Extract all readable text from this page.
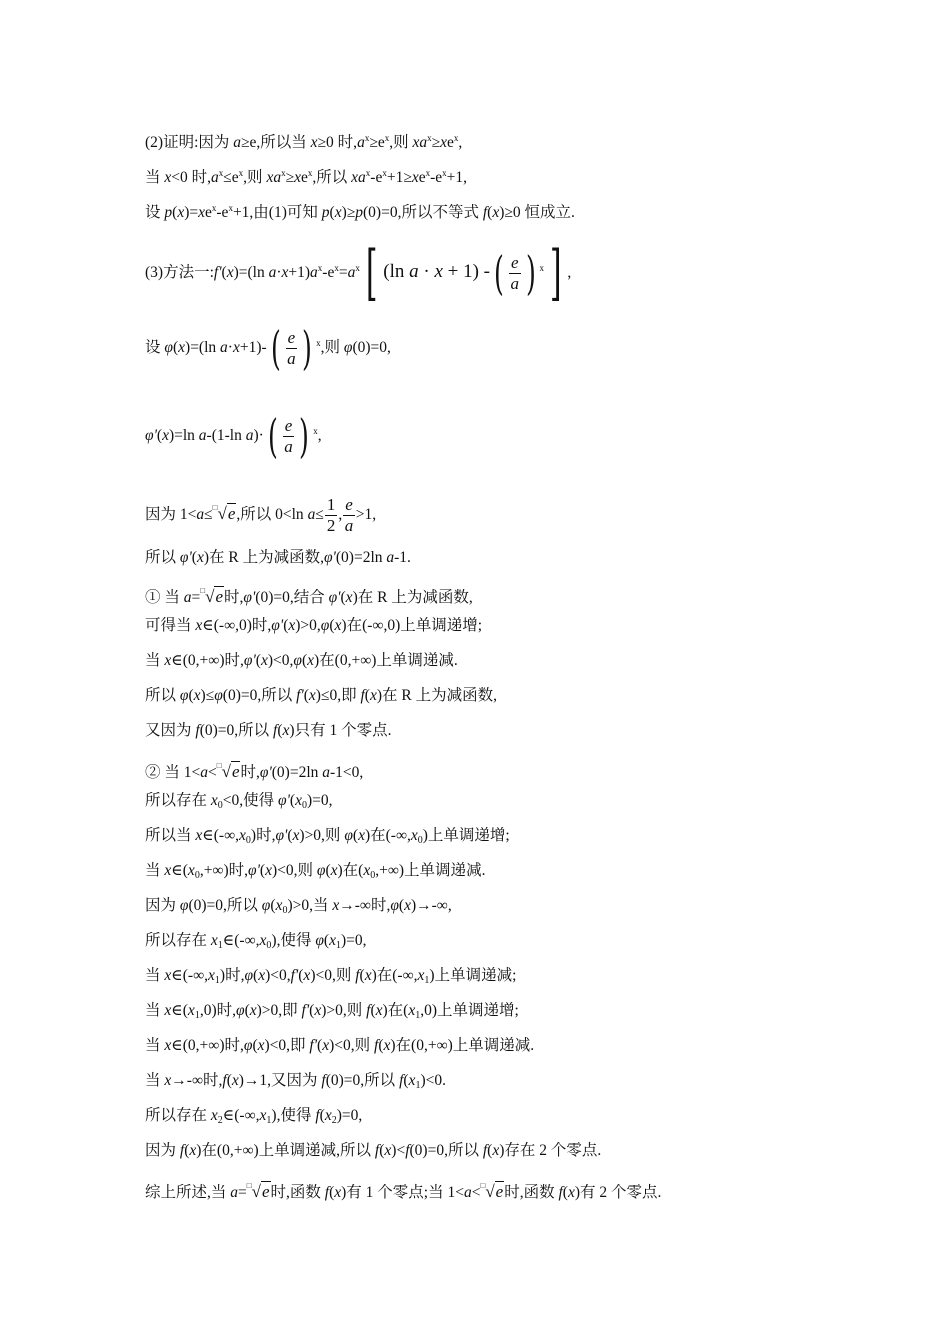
(2)证明:因为 a≥e,所以当 x≥0 时$,a^x\ge e^x$,则 $xa^x\ge xe^x$,
当 x<0 时$,a^x\le e^x$,则 $xa^x\ge xe^x$,所以 $xa^x-e^x+1\ge xe^x-e^x+1$,
设 $p(x)=xe^x-e^x+1$,由(1)可知 p(x)≥p(0)=0,所以不等式 f(x)≥0 恒成立.
(3)方法一:f'(x)=(ln $a\cdot x+1)a^x-e^x=a^x$[ (ln a · x + 1) -( $\frac{e}{a}$ ) $^x$] ,
设 φ(x)=(ln $a\cdot x+1)-( \frac{e}{a}$ ) $^x$,则 φ(0)=0,
φ'(x)=ln a-(1-ln $a)\cdot( \frac{e}{a}$ ) $^x$,
因为 1<a≤□√e,所以 0<ln $a\le \frac{1}{2}$ , $\frac{e}{a} >1$,
所以 φ'(x)在 R 上为减函数,φ'(0)=2ln a-1.
① 当 a=□√e时,φ'(0)=0,结合 φ'(x)在 R 上为减函数,
可得当 x∈(-∞,0)时,φ'(x)>0,φ(x)在(-∞,0)上单调递增;
当 x∈(0,+∞)时,φ'(x)<0,φ(x)在(0,+∞)上单调递减.
所以 φ(x)≤φ(0)=0,所以 f'(x)≤0,即 f(x)在 R 上为减函数,
又因为 f(0)=0,所以 f(x)只有 1 个零点.
② 当 1<a<□√e时,φ'(0)=2ln a-1<0,
所以存在 $x_0<0$,使得 $\varphi'(x_0)=0$,
所以当 $x\in(-\infty,x_0)$时,φ'(x)>0,则 φ(x)在$(-\infty,x_0)$上单调递增;
当 $x\in(x_0,+\infty)$时,φ'(x)<0,则 φ(x)在$(x_0,+\infty)$上单调递减.
因为 φ(0)=0,所以 $\varphi(x_0)>0$,当 x→-∞时,φ(x)→-∞,
所以存在 $x_1\in(-\infty,x_0)$,使得 $\varphi(x_1)=0$,
当 $x\in(-\infty,x_1)$时,φ(x)<0,f'(x)<0,则 f(x)在$(-\infty,x_1)$上单调递减;
当 $x\in(x_1,0)$时,φ(x)>0,即 f'(x)>0,则 f(x)在$(x_1,0)$上单调递增;
当 x∈(0,+∞)时,φ(x)<0,即 f'(x)<0,则 f(x)在(0,+∞)上单调递减.
当 x→-∞时,f(x)→1,又因为 f(0)=0,所以 $f(x_1)<0$.
所以存在 $x_2\in(-\infty,x_1)$,使得 $f(x_2)=0$,
因为 f(x)在(0,+∞)上单调递减,所以 f(x)<f(0)=0,所以 f(x)存在 2 个零点.
综上所述,当 a=□√e时,函数 f(x)有 1 个零点;当 1<a<□√e时,函数 f(x)有 2 个零点.
